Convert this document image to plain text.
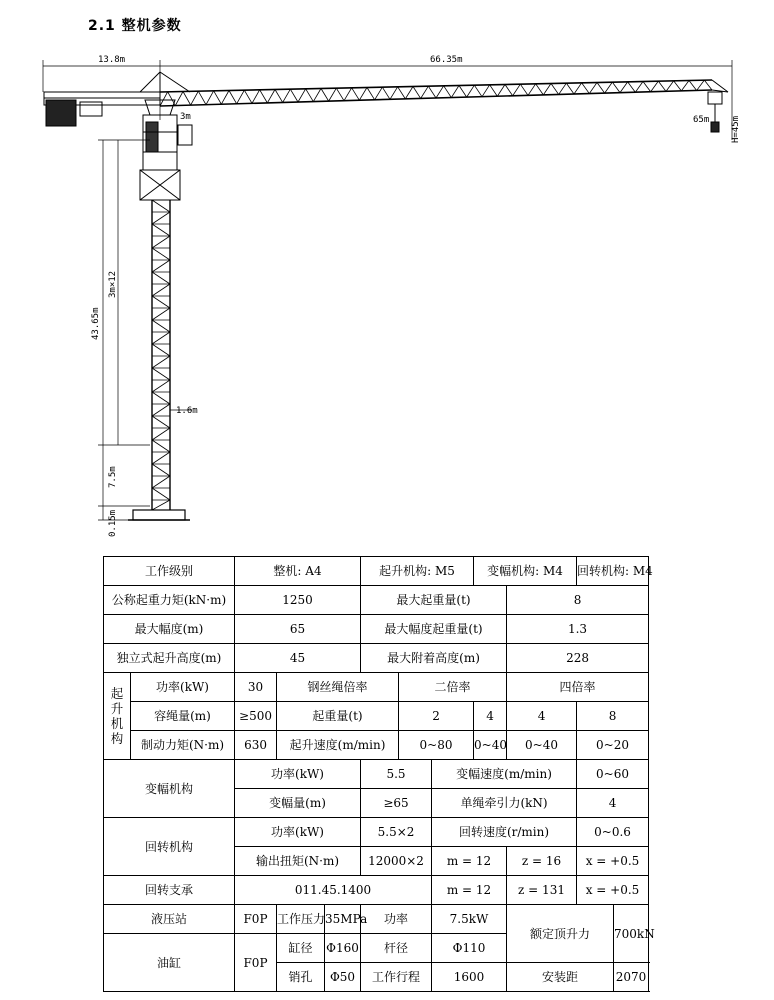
2.1 整机参数
13.8m	66.35m
3m	65m H=45m
43.65m
3m×12
1.6m
7.5m
0.15m
工作级别		整机: A4			起升机构: M5			变幅机构: M4		回转机构: M4	
公称起重力矩(kN·m)		1250			最大起重量(t)				8		
最大幅度(m)		65			最大幅度起重量(t)				1.3		
独立式起升高度(m)		45			最大附着高度(m)				228		
起升机构	功率(kW)	30	钢丝绳倍率			二倍率			四倍率		
	容绳量(m)	≥500	起重量(t)			2		4	4	8	
	制动力矩(N·m)	630	起升速度(m/min)			0~80		0~40	0~40	0~20	
变幅机构		功率(kW)			5.5		变幅速度(m/min)			0~60	
		变幅量(m)			≥65		单绳牵引力(kN)			4	
回转机构		功率(kW)			5.5×2		回转速度(r/min)			0~0.6	
		输出扭矩(N·m)			12000×2		m = 12		z = 16	x = +0.5	
回转支承		011.45.1400					m = 12		z = 131	x = +0.5	
液压站		F0P	工作压力	35MPa	功率		7.5kW		额定顶升力		700kN
油缸		F0P	缸径	Φ160	杆径		Φ110				
			销孔	Φ50	工作行程		1600		安装距		2070
